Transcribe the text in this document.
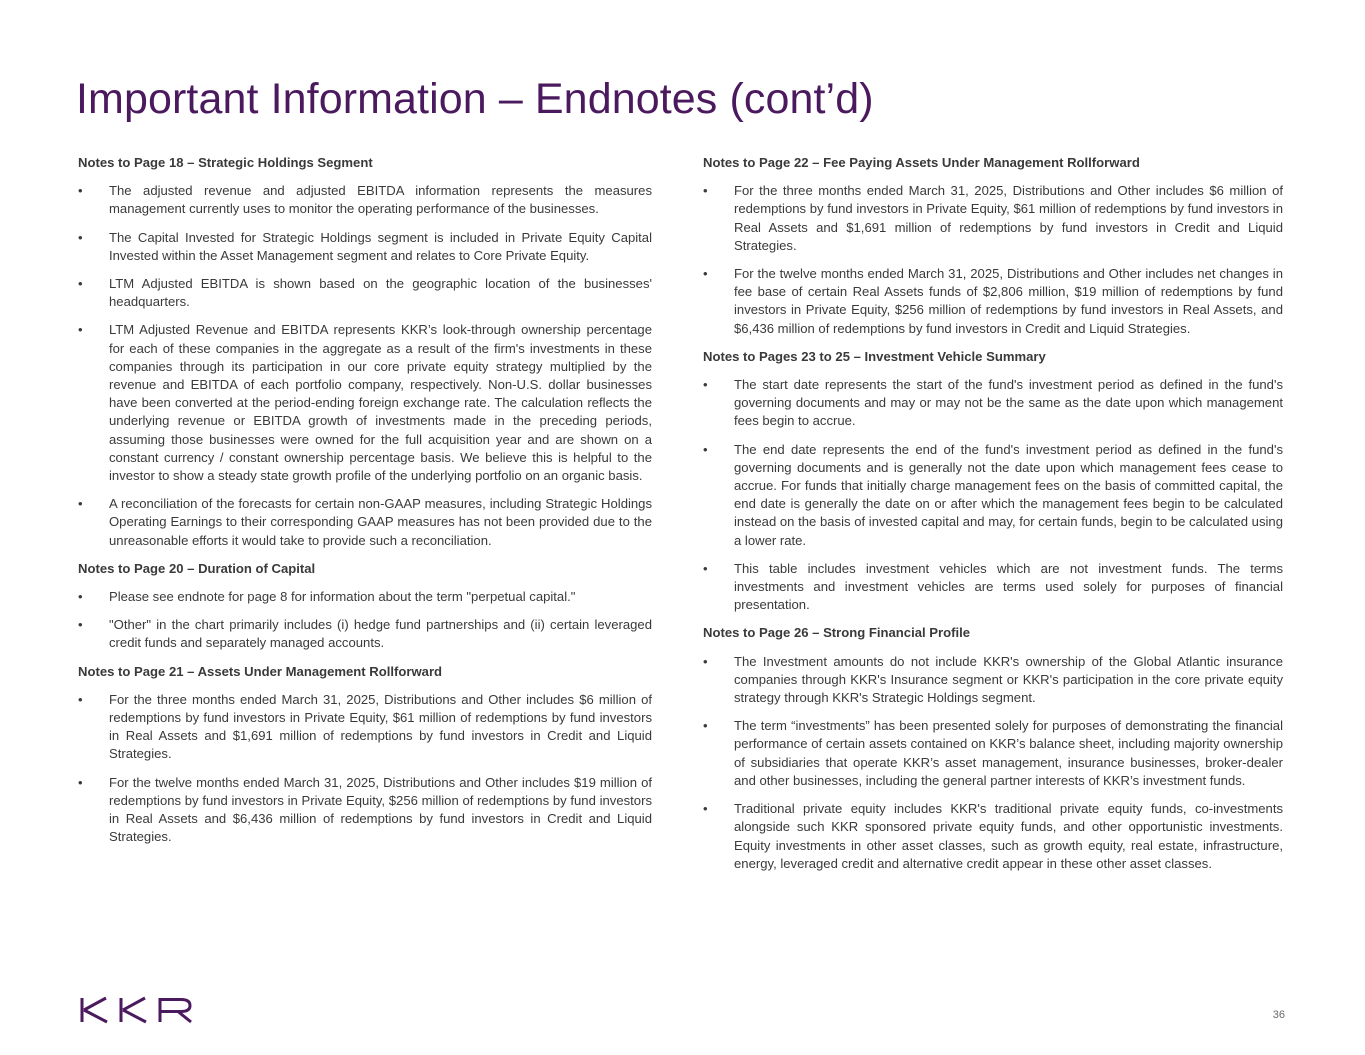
Important Information – Endnotes (cont’d)

Notes to Page 18 – Strategic Holdings Segment

• The adjusted revenue and adjusted EBITDA information represents the measures management currently uses to monitor the operating performance of the businesses.
• The Capital Invested for Strategic Holdings segment is included in Private Equity Capital Invested within the Asset Management segment and relates to Core Private Equity.
• LTM Adjusted EBITDA is shown based on the geographic location of the businesses' headquarters.
• LTM Adjusted Revenue and EBITDA represents KKR’s look-through ownership percentage for each of these companies in the aggregate as a result of the firm's investments in these companies through its participation in our core private equity strategy multiplied by the revenue and EBITDA of each portfolio company, respectively. Non-U.S. dollar businesses have been converted at the period-ending foreign exchange rate. The calculation reflects the underlying revenue or EBITDA growth of investments made in the preceding periods, assuming those businesses were owned for the full acquisition year and are shown on a constant currency / constant ownership percentage basis. We believe this is helpful to the investor to show a steady state growth profile of the underlying portfolio on an organic basis.
• A reconciliation of the forecasts for certain non-GAAP measures, including Strategic Holdings Operating Earnings to their corresponding GAAP measures has not been provided due to the unreasonable efforts it would take to provide such a reconciliation.

Notes to Page 20 – Duration of Capital

• Please see endnote for page 8 for information about the term "perpetual capital."
• "Other" in the chart primarily includes (i) hedge fund partnerships and (ii) certain leveraged credit funds and separately managed accounts.

Notes to Page 21 – Assets Under Management Rollforward

• For the three months ended March 31, 2025, Distributions and Other includes $6 million of redemptions by fund investors in Private Equity, $61 million of redemptions by fund investors in Real Assets and $1,691 million of redemptions by fund investors in Credit and Liquid Strategies.
• For the twelve months ended March 31, 2025, Distributions and Other includes $19 million of redemptions by fund investors in Private Equity, $256 million of redemptions by fund investors in Real Assets and $6,436 million of redemptions by fund investors in Credit and Liquid Strategies.

Notes to Page 22 – Fee Paying Assets Under Management Rollforward

• For the three months ended March 31, 2025, Distributions and Other includes $6 million of redemptions by fund investors in Private Equity, $61 million of redemptions by fund investors in Real Assets and $1,691 million of redemptions by fund investors in Credit and Liquid Strategies.
• For the twelve months ended March 31, 2025, Distributions and Other includes net changes in fee base of certain Real Assets funds of $2,806 million, $19 million of redemptions by fund investors in Private Equity, $256 million of redemptions by fund investors in Real Assets, and $6,436 million of redemptions by fund investors in Credit and Liquid Strategies.

Notes to Pages 23 to 25 – Investment Vehicle Summary

• The start date represents the start of the fund's investment period as defined in the fund's governing documents and may or may not be the same as the date upon which management fees begin to accrue.
• The end date represents the end of the fund's investment period as defined in the fund's governing documents and is generally not the date upon which management fees cease to accrue. For funds that initially charge management fees on the basis of committed capital, the end date is generally the date on or after which the management fees begin to be calculated instead on the basis of invested capital and may, for certain funds, begin to be calculated using a lower rate.
• This table includes investment vehicles which are not investment funds. The terms investments and investment vehicles are terms used solely for purposes of financial presentation.

Notes to Page 26 – Strong Financial Profile

• The Investment amounts do not include KKR's ownership of the Global Atlantic insurance companies through KKR's Insurance segment or KKR's participation in the core private equity strategy through KKR's Strategic Holdings segment.
• The term “investments” has been presented solely for purposes of demonstrating the financial performance of certain assets contained on KKR’s balance sheet, including majority ownership of subsidiaries that operate KKR’s asset management, insurance businesses, broker-dealer and other businesses, including the general partner interests of KKR’s investment funds.
• Traditional private equity includes KKR's traditional private equity funds, co-investments alongside such KKR sponsored private equity funds, and other opportunistic investments. Equity investments in other asset classes, such as growth equity, real estate, infrastructure, energy, leveraged credit and alternative credit appear in these other asset classes.
36
